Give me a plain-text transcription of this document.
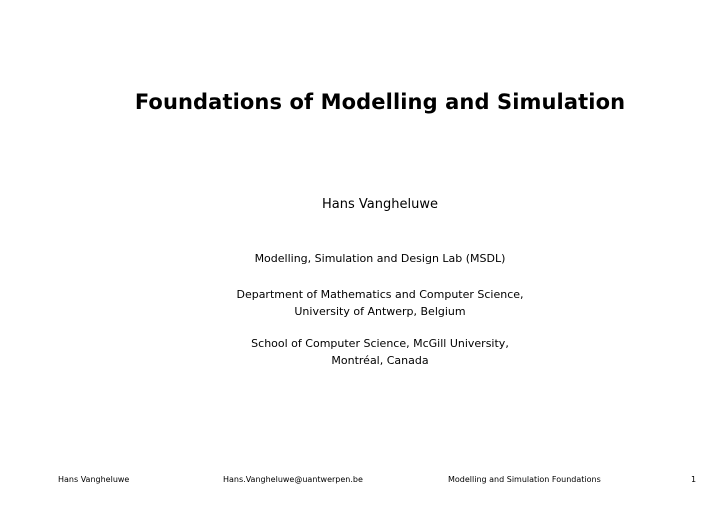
Foundations of Modelling and Simulation
Hans Vangheluwe
Modelling, Simulation and Design Lab (MSDL)
Department of Mathematics and Computer Science,
University of Antwerp, Belgium
School of Computer Science, McGill University,
Montréal, Canada
Hans Vangheluwe	Hans.Vangheluwe@uantwerpen.be	Modelling and Simulation Foundations	1
